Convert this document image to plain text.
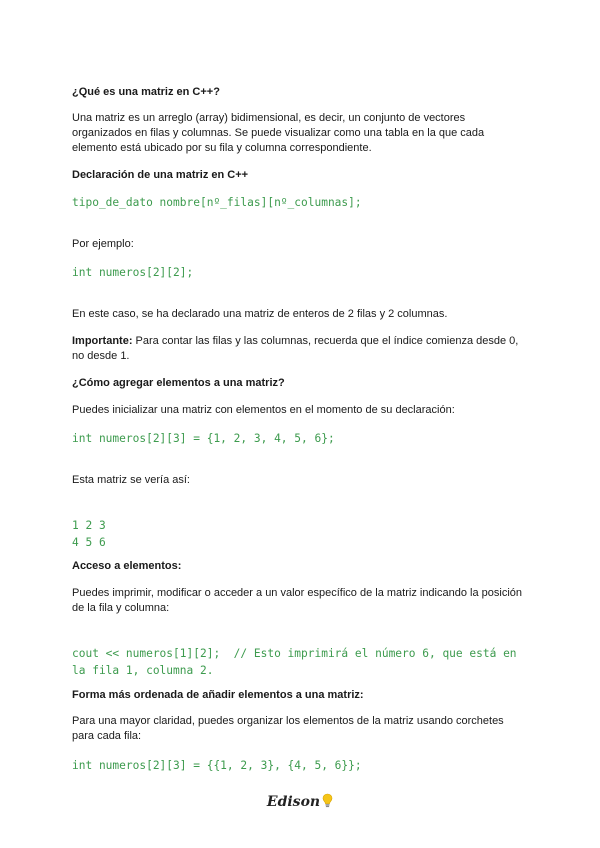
¿Qué es una matriz en C++?

Una matriz es un arreglo (array) bidimensional, es decir, un conjunto de vectores
organizados en filas y columnas. Se puede visualizar como una tabla en la que cada
elemento está ubicado por su fila y columna correspondiente.

Declaración de una matriz en C++

tipo_de_dato nombre[nº_filas][nº_columnas];

Por ejemplo:

int numeros[2][2];

En este caso, se ha declarado una matriz de enteros de 2 filas y 2 columnas.

Importante: Para contar las filas y las columnas, recuerda que el índice comienza desde 0,
no desde 1.

¿Cómo agregar elementos a una matriz?

Puedes inicializar una matriz con elementos en el momento de su declaración:

int numeros[2][3] = {1, 2, 3, 4, 5, 6};

Esta matriz se vería así:

1 2 3
4 5 6

Acceso a elementos:

Puedes imprimir, modificar o acceder a un valor específico de la matriz indicando la posición
de la fila y columna:

cout << numeros[1][2];  // Esto imprimirá el número 6, que está en
la fila 1, columna 2.

Forma más ordenada de añadir elementos a una matriz:

Para una mayor claridad, puedes organizar los elementos de la matriz usando corchetes
para cada fila:

int numeros[2][3] = {{1, 2, 3}, {4, 5, 6}};

Edison
